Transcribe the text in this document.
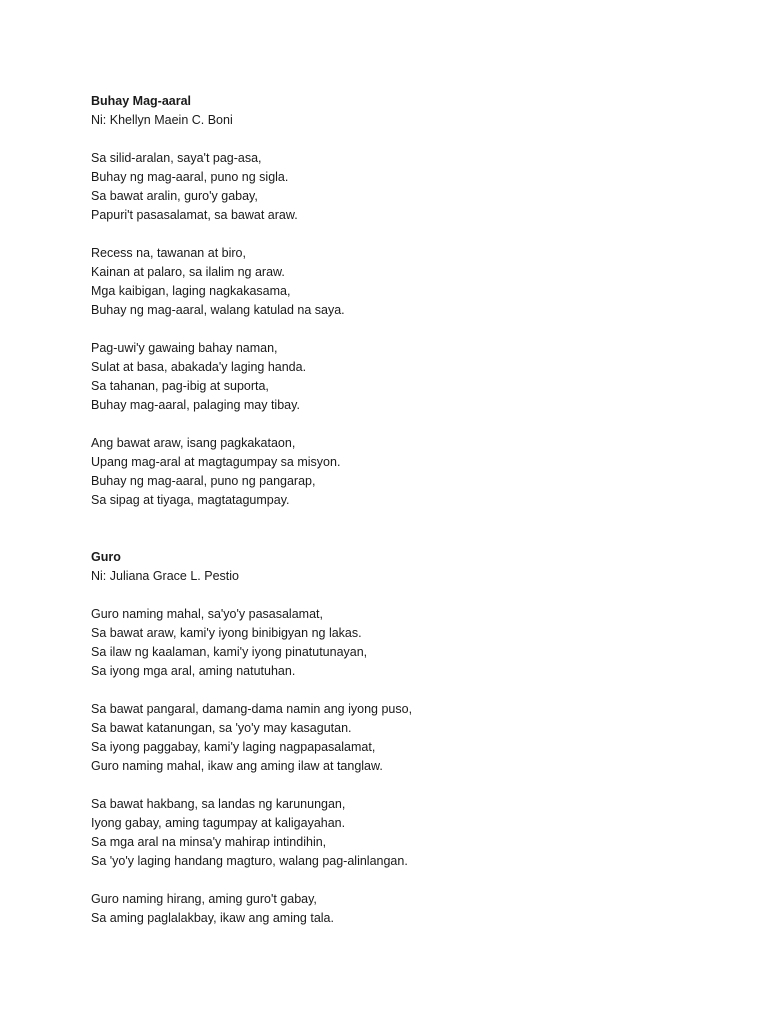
Buhay Mag-aaral
Ni: Khellyn Maein C. Boni
Sa silid-aralan, saya't pag-asa,
Buhay ng mag-aaral, puno ng sigla.
Sa bawat aralin, guro'y gabay,
Papuri't pasasalamat, sa bawat araw.
Recess na, tawanan at biro,
Kainan at palaro, sa ilalim ng araw.
Mga kaibigan, laging nagkakasama,
Buhay ng mag-aaral, walang katulad na saya.
Pag-uwi'y gawaing bahay naman,
Sulat at basa, abakada'y laging handa.
Sa tahanan, pag-ibig at suporta,
Buhay mag-aaral, palaging may tibay.
Ang bawat araw, isang pagkakataon,
Upang mag-aral at magtagumpay sa misyon.
Buhay ng mag-aaral, puno ng pangarap,
Sa sipag at tiyaga, magtatagumpay.
Guro
Ni: Juliana Grace L. Pestio
Guro naming mahal, sa'yo'y pasasalamat,
Sa bawat araw, kami'y iyong binibigyan ng lakas.
Sa ilaw ng kaalaman, kami'y iyong pinatutunayan,
Sa iyong mga aral, aming natutuhan.
Sa bawat pangaral, damang-dama namin ang iyong puso,
Sa bawat katanungan, sa 'yo'y may kasagutan.
Sa iyong paggabay, kami'y laging nagpapasalamat,
Guro naming mahal, ikaw ang aming ilaw at tanglaw.
Sa bawat hakbang, sa landas ng karunungan,
Iyong gabay, aming tagumpay at kaligayahan.
Sa mga aral na minsa'y mahirap intindihin,
Sa 'yo'y laging handang magturo, walang pag-alinlangan.
Guro naming hirang, aming guro't gabay,
Sa aming paglalakbay, ikaw ang aming tala.
